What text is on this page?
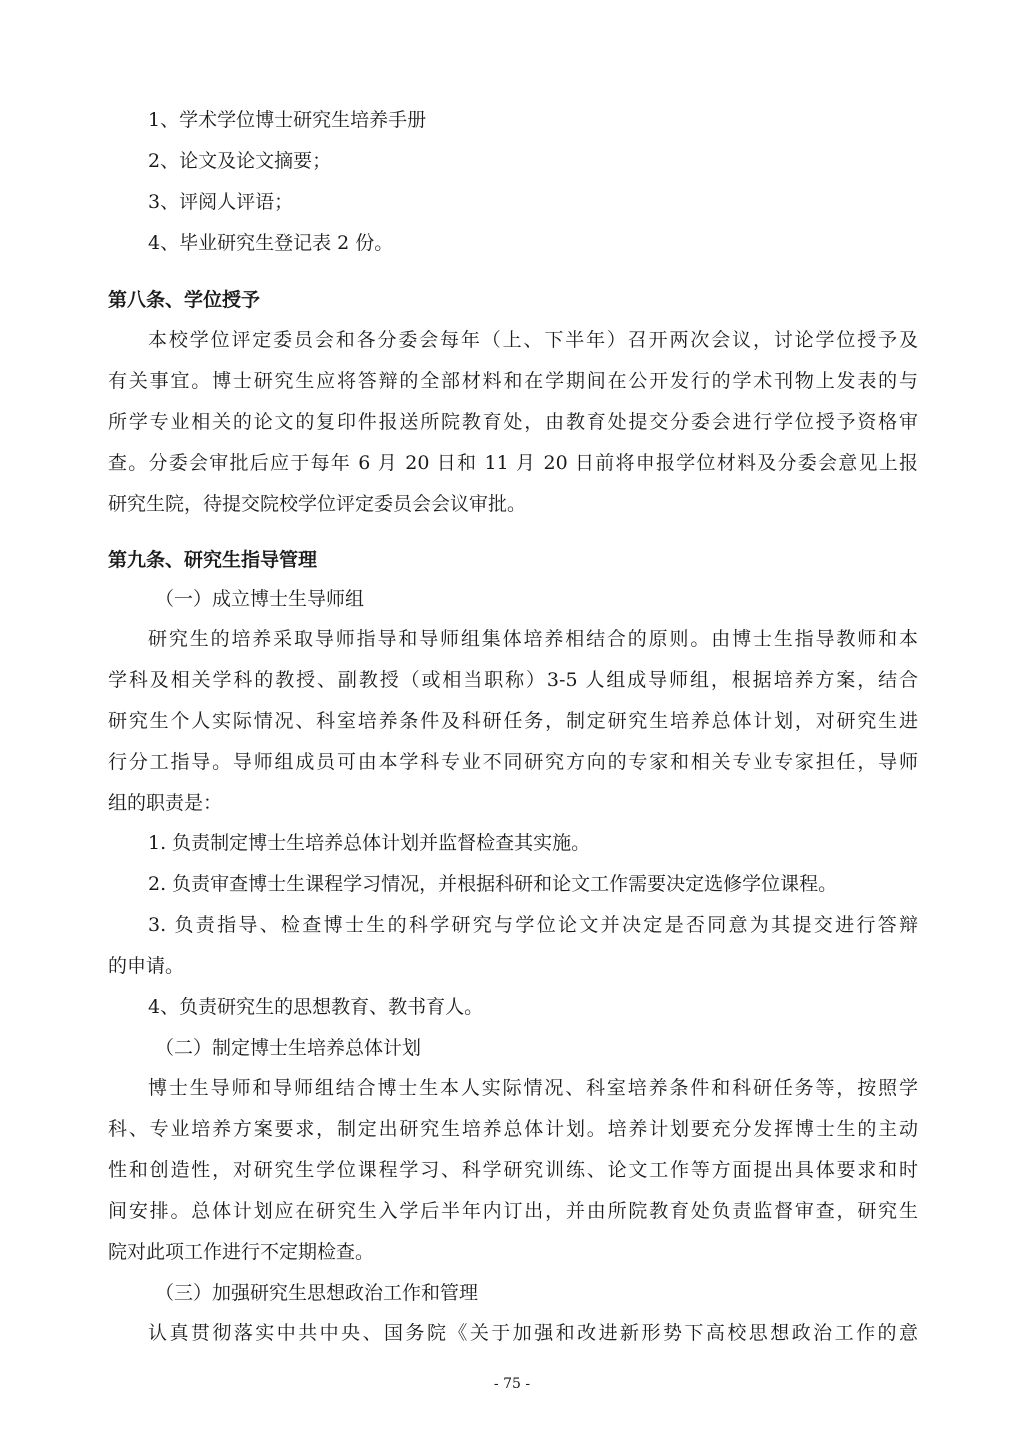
1、学术学位博士研究生培养手册
2、论文及论文摘要；
3、评阅人评语；
4、毕业研究生登记表 2 份。
第八条、学位授予
本校学位评定委员会和各分委会每年（上、下半年）召开两次会议，讨论学位授予及
有关事宜。博士研究生应将答辩的全部材料和在学期间在公开发行的学术刊物上发表的与
所学专业相关的论文的复印件报送所院教育处，由教育处提交分委会进行学位授予资格审
查。分委会审批后应于每年 6 月 20 日和 11 月 20 日前将申报学位材料及分委会意见上报
研究生院，待提交院校学位评定委员会会议审批。
第九条、研究生指导管理
（一）成立博士生导师组
研究生的培养采取导师指导和导师组集体培养相结合的原则。由博士生指导教师和本
学科及相关学科的教授、副教授（或相当职称）3-5 人组成导师组，根据培养方案，结合
研究生个人实际情况、科室培养条件及科研任务，制定研究生培养总体计划，对研究生进
行分工指导。导师组成员可由本学科专业不同研究方向的专家和相关专业专家担任，导师
组的职责是：
1. 负责制定博士生培养总体计划并监督检查其实施。
2. 负责审查博士生课程学习情况，并根据科研和论文工作需要决定选修学位课程。
3. 负责指导、检查博士生的科学研究与学位论文并决定是否同意为其提交进行答辩
的申请。
4、负责研究生的思想教育、教书育人。
（二）制定博士生培养总体计划
博士生导师和导师组结合博士生本人实际情况、科室培养条件和科研任务等，按照学
科、专业培养方案要求，制定出研究生培养总体计划。培养计划要充分发挥博士生的主动
性和创造性，对研究生学位课程学习、科学研究训练、论文工作等方面提出具体要求和时
间安排。总体计划应在研究生入学后半年内订出，并由所院教育处负责监督审查，研究生
院对此项工作进行不定期检查。
（三）加强研究生思想政治工作和管理
认真贯彻落实中共中央、国务院《关于加强和改进新形势下高校思想政治工作的意
- 75 -
